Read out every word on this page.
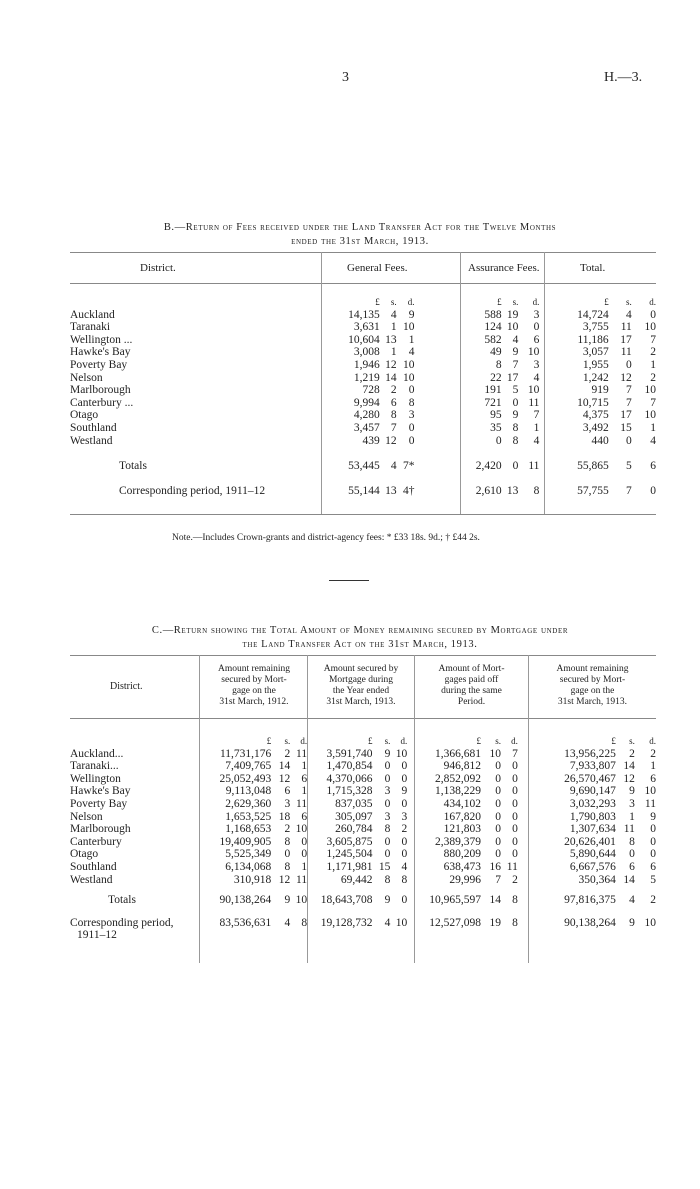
3	H.—3.
B.—Return of Fees received under the Land Transfer Act for the Twelve Months
ended the 31st March, 1913.
District.	General Fees.	Assurance Fees.	Total.
	£	s.	d.	£	s.	d.	£	s.	d.
Auckland	14,135	4	9	588	19	3	14,724	4	0
Taranaki	3,631	1	10	124	10	0	3,755	11	10
Wellington ...	10,604	13	1	582	4	6	11,186	17	7
Hawke's Bay	3,008	1	4	49	9	10	3,057	11	2
Poverty Bay	1,946	12	10	8	7	3	1,955	0	1
Nelson	1,219	14	10	22	17	4	1,242	12	2
Marlborough	728	2	0	191	5	10	919	7	10
Canterbury ...	9,994	6	8	721	0	11	10,715	7	7
Otago	4,280	8	3	95	9	7	4,375	17	10
Southland	3,457	7	0	35	8	1	3,492	15	1
Westland	439	12	0	0	8	4	440	0	4

Totals	53,445	4	7*	2,420	0	11	55,865	5	6

Corresponding period, 1911–12	55,144	13	4†	2,610	13	8	57,755	7	0
Note.—Includes Crown-grants and district-agency fees: * £33 18s. 9d.; † £44 2s.
C.—Return showing the Total Amount of Money remaining secured by Mortgage under
the Land Transfer Act on the 31st March, 1913.
District.
Amount remaining
secured by Mort-
gage on the
31st March, 1912.
Amount secured by
Mortgage during
the Year ended
31st March, 1913.
Amount of Mort-
gages paid off
during the same
Period.
Amount remaining
secured by Mort-
gage on the
31st March, 1913.
	£	s.	d.	£	s.	d.	£	s.	d.	£	s.	d.
Auckland...	11,731,176	2	11	3,591,740	9	10	1,366,681	10	7	13,956,225	2	2
Taranaki...	7,409,765	14	1	1,470,854	0	0	946,812	0	0	7,933,807	14	1
Wellington	25,052,493	12	6	4,370,066	0	0	2,852,092	0	0	26,570,467	12	6
Hawke's Bay	9,113,048	6	1	1,715,328	3	9	1,138,229	0	0	9,690,147	9	10
Poverty Bay	2,629,360	3	11	837,035	0	0	434,102	0	0	3,032,293	3	11
Nelson	1,653,525	18	6	305,097	3	3	167,820	0	0	1,790,803	1	9
Marlborough	1,168,653	2	10	260,784	8	2	121,803	0	0	1,307,634	11	0
Canterbury	19,409,905	8	0	3,605,875	0	0	2,389,379	0	0	20,626,401	8	0
Otago	5,525,349	0	0	1,245,504	0	0	880,209	0	0	5,890,644	0	0
Southland	6,134,068	8	1	1,171,981	15	4	638,473	16	11	6,667,576	6	6
Westland	310,918	12	11	69,442	8	8	29,996	7	2	350,364	14	5

Totals	90,138,264	9	10	18,643,708	9	0	10,965,597	14	8	97,816,375	4	2

Corresponding period,	83,536,631	4	8	19,128,732	4	10	12,527,098	19	8	90,138,264	9	10
1911–12												
